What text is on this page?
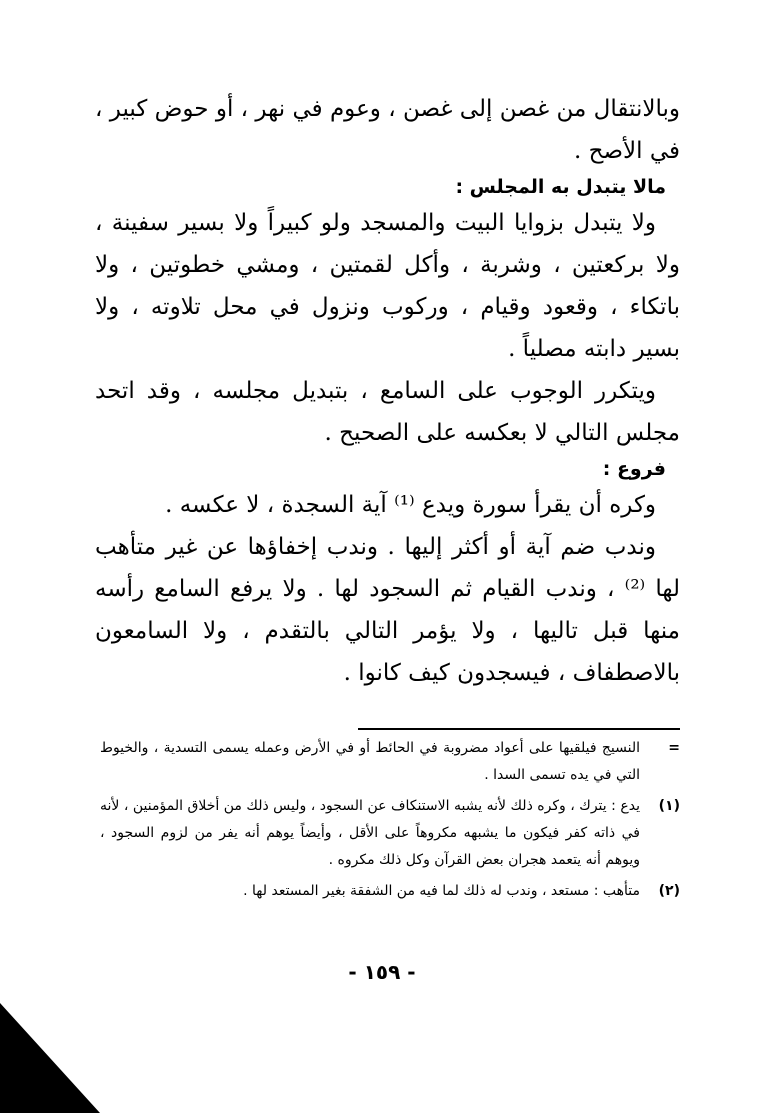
وبالانتقال من غصن إلى غصن ، وعوم في نهر ، أو حوض كبير ، في الأصح .

مالا يتبدل به المجلس :

ولا يتبدل بزوايا البيت والمسجد ولو كبيراً ولا بسير سفينة ، ولا بركعتين ، وشربة ، وأكل لقمتين ، ومشي خطوتين ، ولا باتكاء ، وقعود وقيام ، وركوب ونزول في محل تلاوته ، ولا بسير دابته مصلياً .

ويتكرر الوجوب على السامع ، بتبديل مجلسه ، وقد اتحد مجلس التالي لا بعكسه على الصحيح .

فروع :

وكره أن يقرأ سورة ويدع ⁽¹⁾ آية السجدة ، لا عكسه .

وندب ضم آية أو أكثر إليها . وندب إخفاؤها عن غير متأهب لها ⁽²⁾ ، وندب القيام ثم السجود لها . ولا يرفع السامع رأسه منها قبل تاليها ، ولا يؤمر التالي بالتقدم ، ولا السامعون بالاصطفاف ، فيسجدون كيف كانوا .

=
النسيج فيلقيها على أعواد مضروبة في الحائط أو في الأرض وعمله يسمى التسدية ، والخيوط التي في يده تسمى السدا .
(١)
يدع : يترك ، وكره ذلك لأنه يشبه الاستنكاف عن السجود ، وليس ذلك من أخلاق المؤمنين ، لأنه في ذاته كفر فيكون ما يشبهه مكروهاً على الأقل ، وأيضاً يوهم أنه يفر من لزوم السجود ، ويوهم أنه يتعمد هجران بعض القرآن وكل ذلك مكروه .
(٢)
متأهب : مستعد ، وندب له ذلك لما فيه من الشفقة بغير المستعد لها .
- ١٥٩ -
